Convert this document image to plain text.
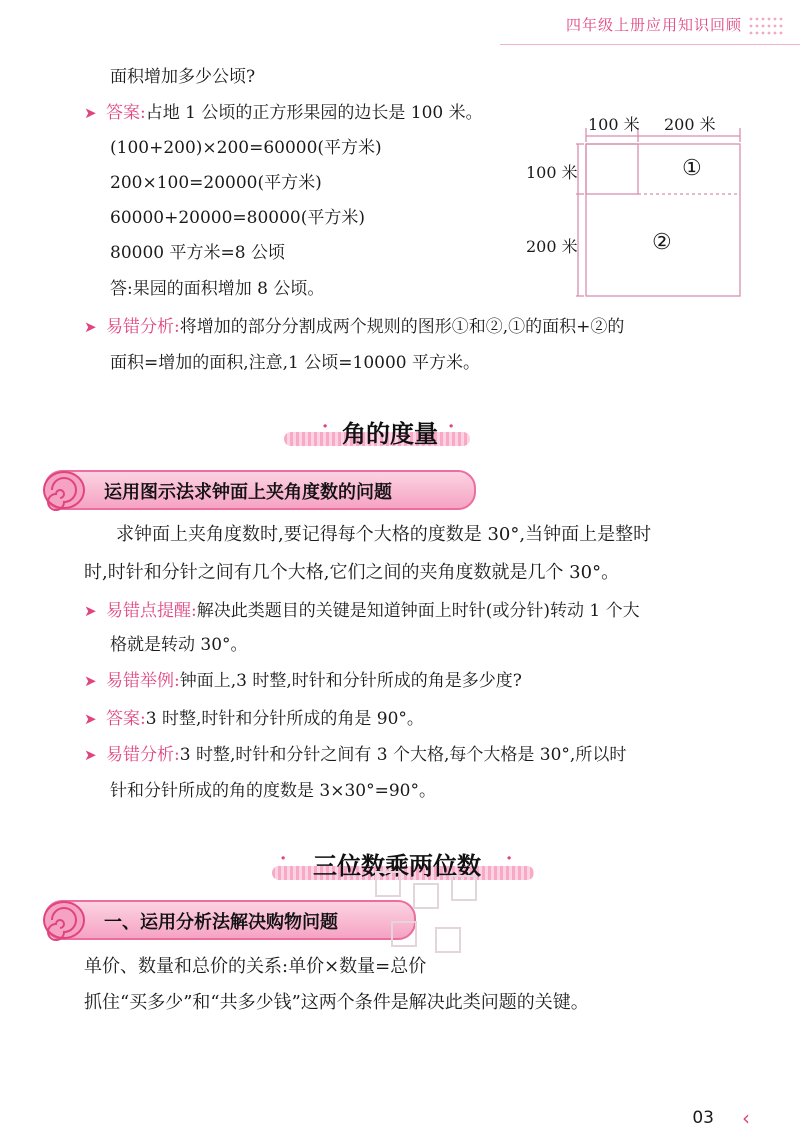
四年级上册应用知识回顾
面积增加多少公顷?
➤ 答案:占地 1 公顷的正方形果园的边长是 100 米。
(100+200)×200=60000(平方米)
200×100=20000(平方米)
60000+20000=80000(平方米)
80000 平方米=8 公顷
答:果园的面积增加 8 公顷。
➤ 易错分析:将增加的部分分割成两个规则的图形①和②,①的面积+②的
面积=增加的面积,注意,1 公顷=10000 平方米。
100 米 200 米
100 米
200 米
①
②
·	·
角的度量
运用图示法求钟面上夹角度数的问题
求钟面上夹角度数时,要记得每个大格的度数是 30°,当钟面上是整时
时,时针和分针之间有几个大格,它们之间的夹角度数就是几个 30°。
➤ 易错点提醒:解决此类题目的关键是知道钟面上时针(或分针)转动 1 个大
格就是转动 30°。
➤ 易错举例:钟面上,3 时整,时针和分针所成的角是多少度?
➤ 答案:3 时整,时针和分针所成的角是 90°。
➤ 易错分析:3 时整,时针和分针之间有 3 个大格,每个大格是 30°,所以时
针和分针所成的角的度数是 3×30°=90°。
·	·
三位数乘两位数
一、运用分析法解决购物问题
单价、数量和总价的关系:单价×数量=总价
抓住“买多少”和“共多少钱”这两个条件是解决此类问题的关键。
03 ‹
